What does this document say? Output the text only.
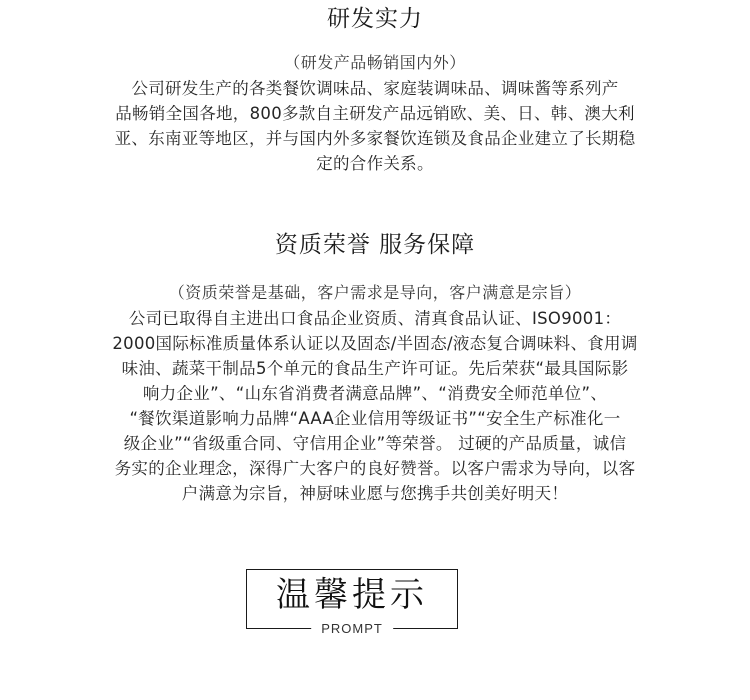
研发实力
（研发产品畅销国内外）
公司研发生产的各类餐饮调味品、家庭装调味品、调味酱等系列产
品畅销全国各地，800多款自主研发产品远销欧、美、日、韩、澳大利
亚、东南亚等地区，并与国内外多家餐饮连锁及食品企业建立了长期稳
定的合作关系。
资质荣誉 服务保障
（资质荣誉是基础，客户需求是导向，客户满意是宗旨）
公司已取得自主进出口食品企业资质、清真食品认证、ISO9001：
2000国际标准质量体系认证以及固态/半固态/液态复合调味料、食用调
味油、蔬菜干制品5个单元的食品生产许可证。先后荣获“最具国际影
响力企业”、“山东省消费者满意品牌”、“消费安全师范单位”、
“餐饮渠道影响力品牌“AAA企业信用等级证书”“安全生产标准化一
级企业”“省级重合同、守信用企业”等荣誉。 过硬的产品质量，诚信
务实的企业理念，深得广大客户的良好赞誉。以客户需求为导向，以客
户满意为宗旨，神厨味业愿与您携手共创美好明天！
温馨提示
PROMPT
